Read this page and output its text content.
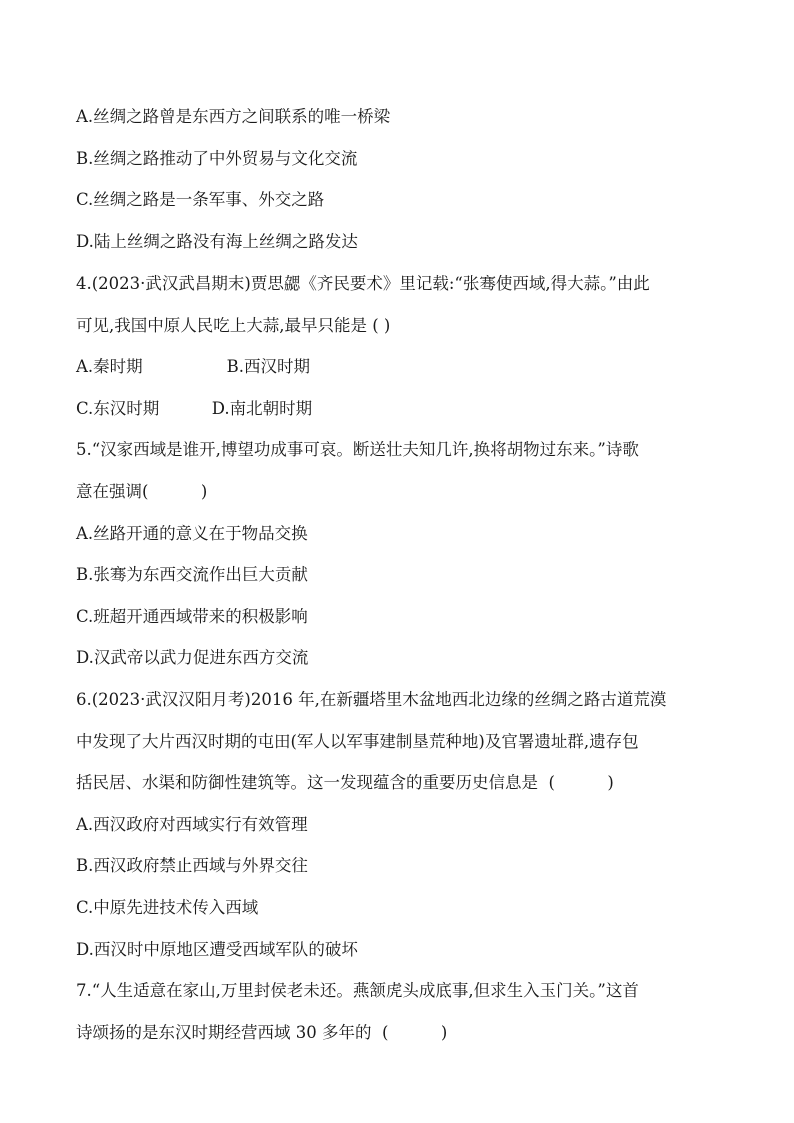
A.丝绸之路曾是东西方之间联系的唯一桥梁
B.丝绸之路推动了中外贸易与文化交流
C.丝绸之路是一条军事、外交之路
D.陆上丝绸之路没有海上丝绸之路发达
4.(2023·武汉武昌期末)贾思勰《齐民要术》里记载:“张骞使西域,得大蒜。”由此
可见,我国中原人民吃上大蒜,最早只能是 ( )
A.秦时期                B.西汉时期
C.东汉时期          D.南北朝时期
5.“汉家西域是谁开,博望功成事可哀。断送壮夫知几许,换将胡物过东来。”诗歌
意在强调(          )
A.丝路开通的意义在于物品交换
B.张骞为东西交流作出巨大贡献
C.班超开通西域带来的积极影响
D.汉武帝以武力促进东西方交流
6.(2023·武汉汉阳月考)2016 年,在新疆塔里木盆地西北边缘的丝绸之路古道荒漠
中发现了大片西汉时期的屯田(军人以军事建制垦荒种地)及官署遗址群,遗存包
括民居、水渠和防御性建筑等。这一发现蕴含的重要历史信息是  (          )
A.西汉政府对西域实行有效管理
B.西汉政府禁止西域与外界交往
C.中原先进技术传入西域
D.西汉时中原地区遭受西域军队的破坏
7.“人生适意在家山,万里封侯老未还。燕颔虎头成底事,但求生入玉门关。”这首
诗颂扬的是东汉时期经营西域 30 多年的  (          )
